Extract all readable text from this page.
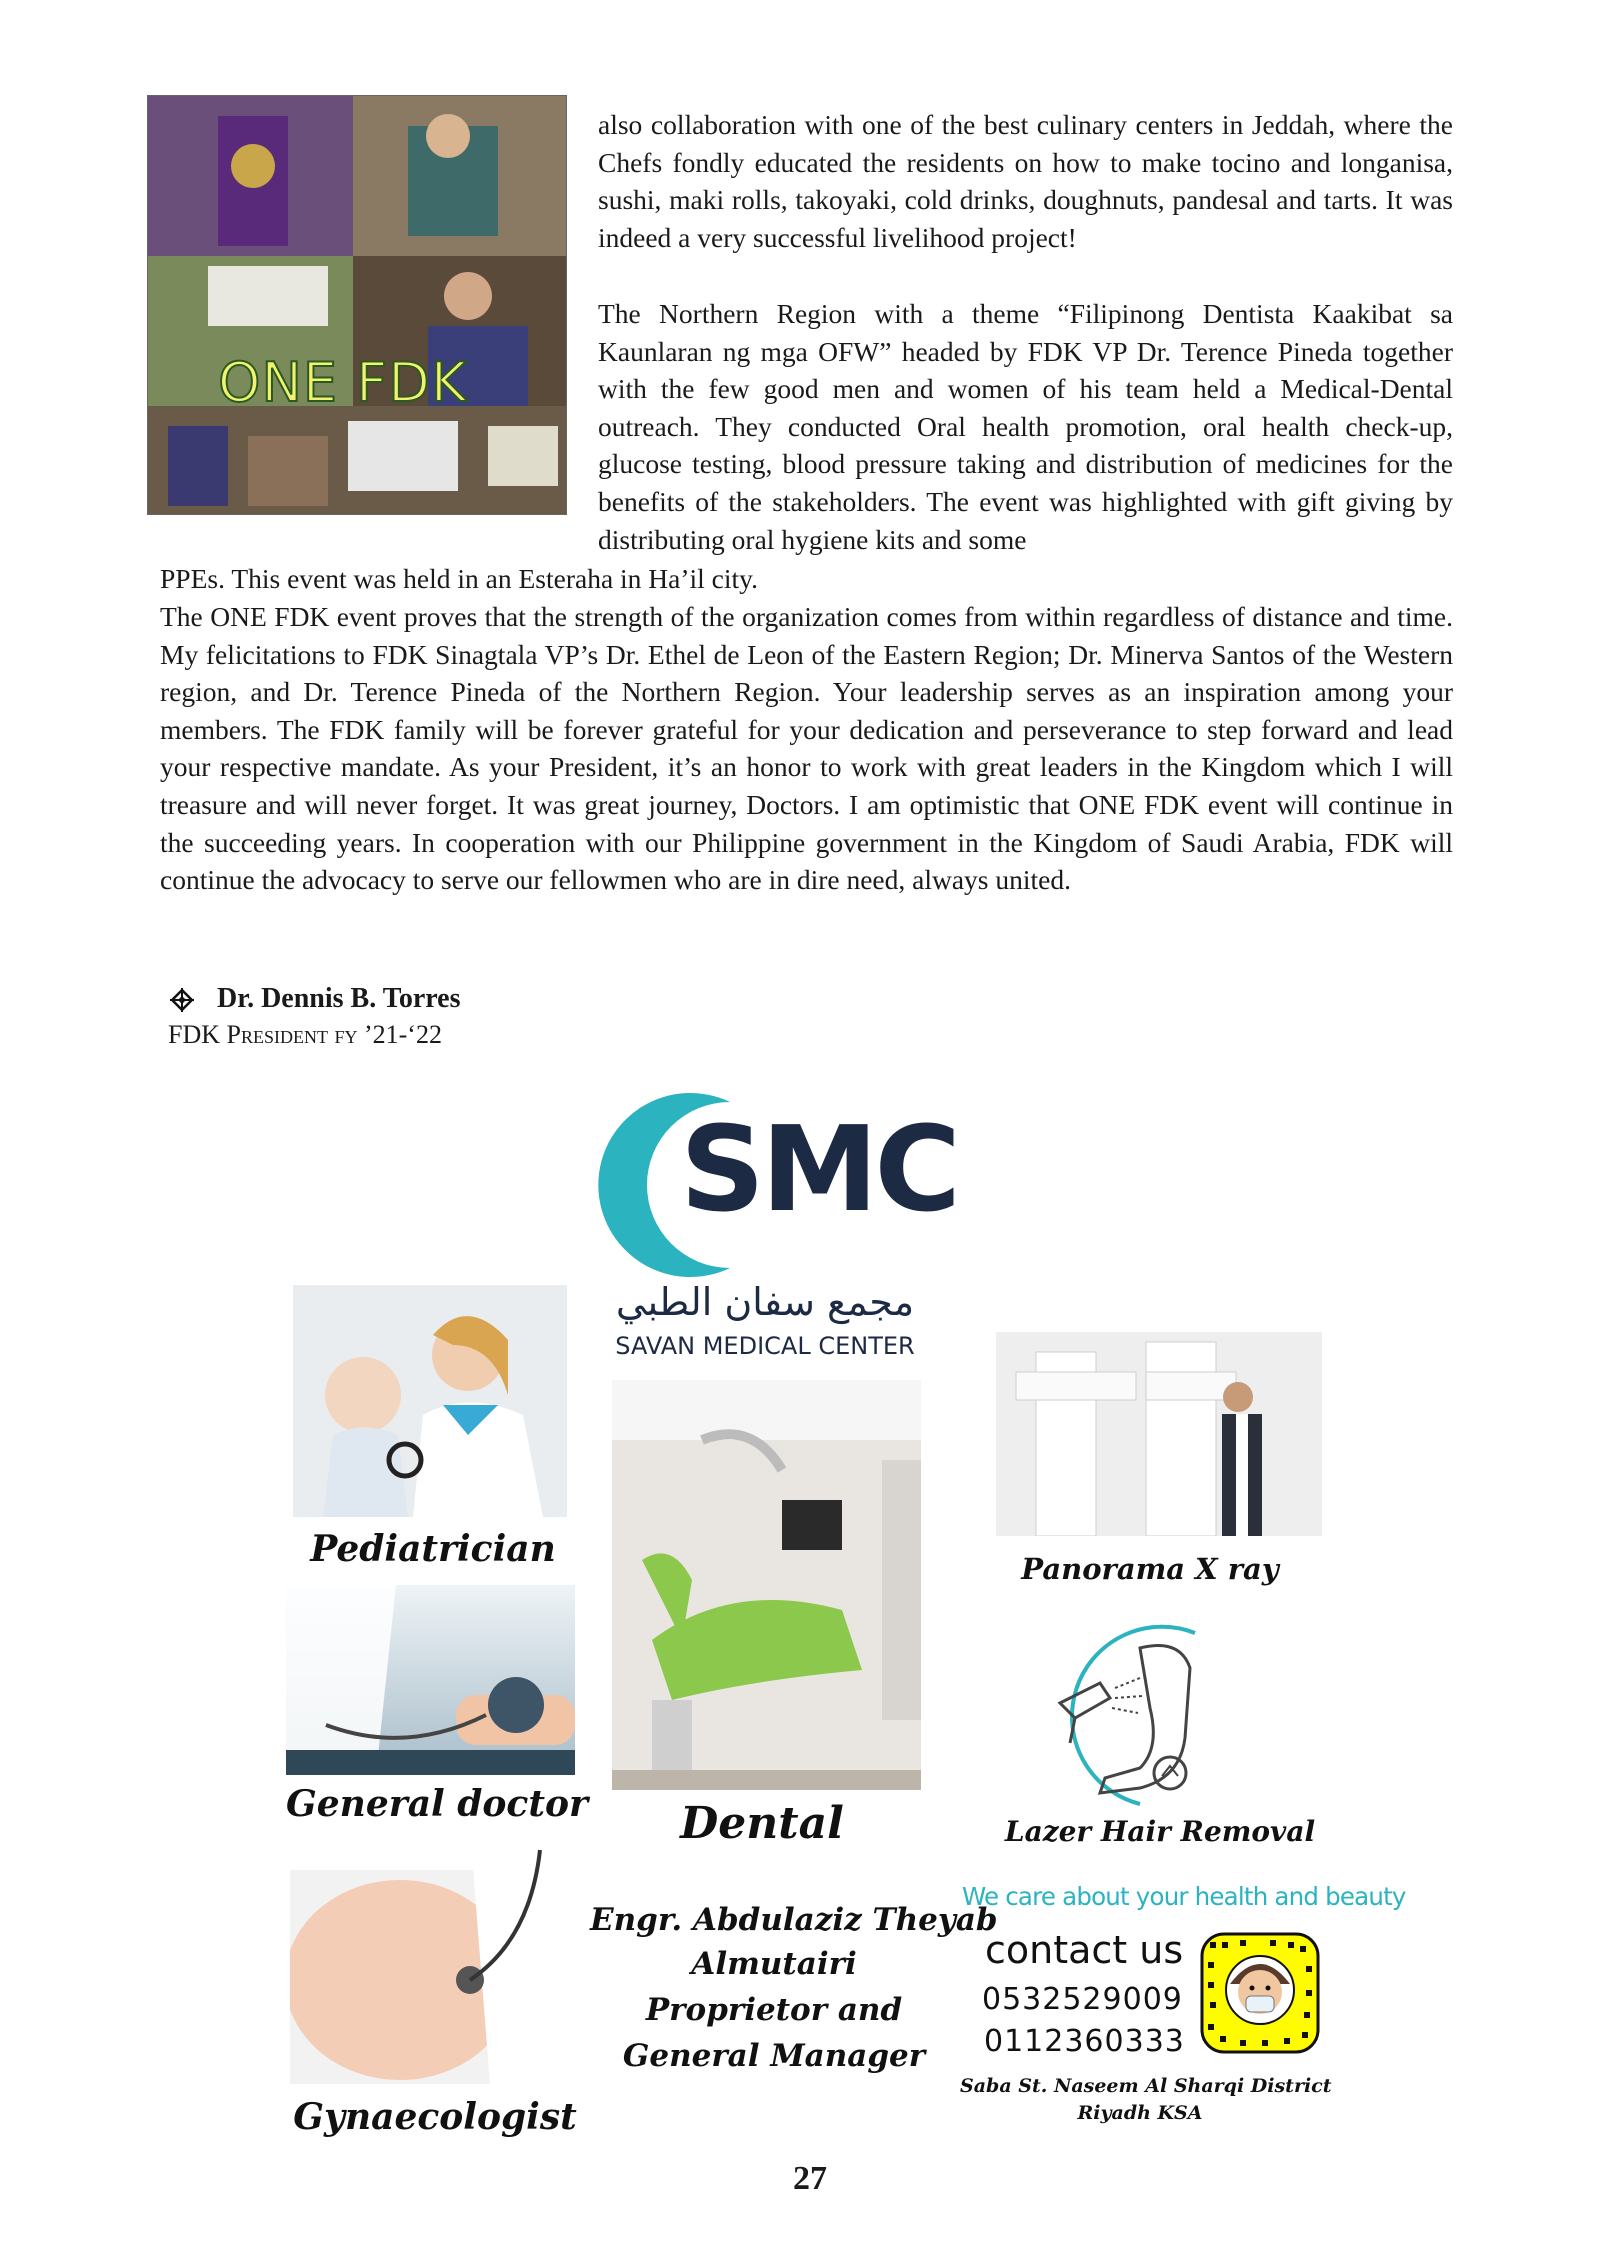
ONE FDK

also collaboration with one of the best culinary centers in Jeddah, where the Chefs fondly educated the residents on how to make tocino and longanisa, sushi, maki rolls, takoyaki, cold drinks, doughnuts, pandesal and tarts. It was indeed a very successful livelihood project!

The Northern Region with a theme “Filipinong Dentista Kaakibat sa Kaunlaran ng mga OFW” headed by FDK VP Dr. Terence Pineda together with the few good men and women of his team held a Medical-Dental outreach. They conducted Oral health promotion, oral health check-up, glucose testing, blood pressure taking and distribution of medicines for the benefits of the stakeholders. The event was highlighted with gift giving by distributing oral hygiene kits and some

PPEs. This event was held in an Esteraha in Ha’il city.

The ONE FDK event proves that the strength of the organization comes from within regardless of distance and time. My felicitations to FDK Sinagtala VP’s Dr. Ethel de Leon of the Eastern Region; Dr. Minerva Santos of the Western region, and Dr. Terence Pineda of the Northern Region. Your leadership serves as an inspiration among your members. The FDK family will be forever grateful for your dedication and perseverance to step forward and lead your respective mandate. As your President, it’s an honor to work with great leaders in the Kingdom which I will treasure and will never forget. It was great journey, Doctors. I am optimistic that ONE FDK event will continue in the succeeding years. In cooperation with our Philippine government in the Kingdom of Saudi Arabia, FDK will continue the advocacy to serve our fellowmen who are in dire need, always united.

Dr. Dennis B. Torres
FDK President fy ’21-‘22
SMC
مجمع سفان الطبي
SAVAN MEDICAL CENTER
Pediatrician
General doctor
Gynaecologist
Dental
Panorama X ray
Lazer Hair Removal
Engr. Abdulaziz Theyab
Almutairi
Proprietor and
General Manager
We care about your health and beauty
contact us
0532529009
0112360333
Saba St. Naseem Al Sharqi District
Riyadh KSA
27
